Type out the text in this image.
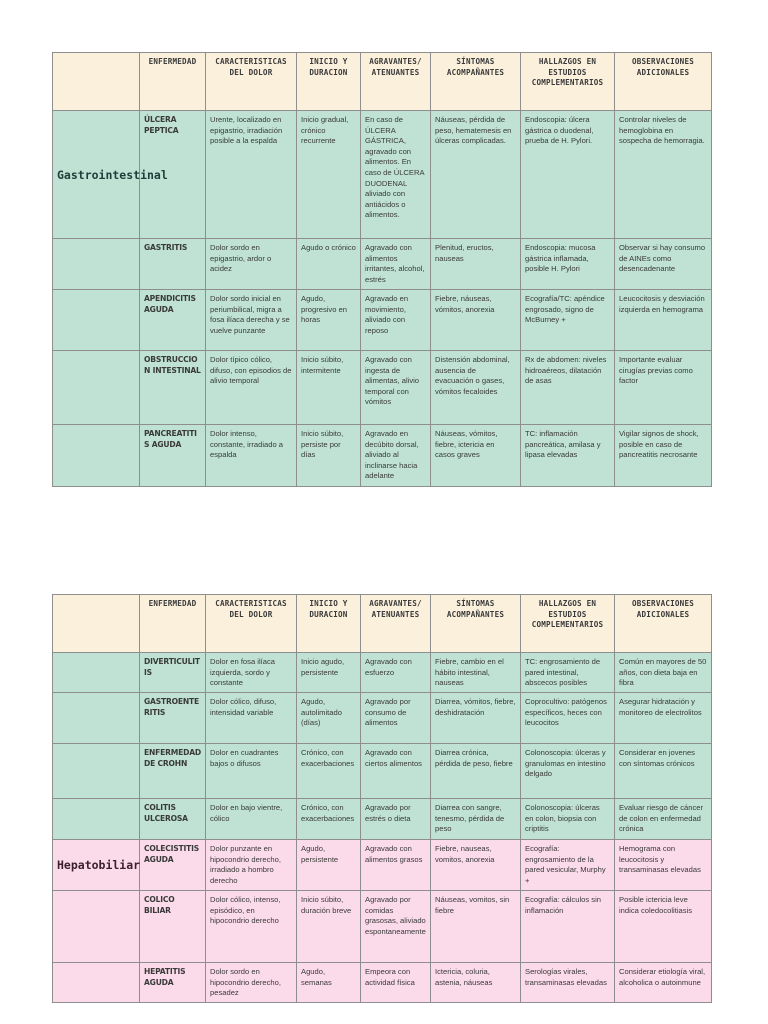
	ENFERMEDAD	CARACTERISTICAS DEL DOLOR	INICIO Y DURACION	AGRAVANTES/ ATENUANTES	SÍNTOMAS ACOMPAÑANTES	HALLAZGOS EN ESTUDIOS COMPLEMENTARIOS	OBSERVACIONES ADICIONALES
Gastrointestinal	ÚLCERA PEPTICA	Urente, localizado en epigastrio, irradiación posible a la espalda	Inicio gradual, crónico recurrente	En caso de ÚLCERA GÁSTRICA, agravado con alimentos. En caso de ÚLCERA DUODENAL aliviado con antiácidos o alimentos.	Náuseas, pérdida de peso, hematemesis en úlceras complicadas.	Endoscopia: úlcera gástrica o duodenal, prueba de H. Pylori.	Controlar niveles de hemoglobina en sospecha de hemorragia.
	GASTRITIS	Dolor sordo en epigastrio, ardor o acidez	Agudo o crónico	Agravado con alimentos irritantes, alcohol, estrés	Plenitud, eructos, nauseas	Endoscopia: mucosa gástrica inflamada, posible H. Pylori	Observar si hay consumo de AINEs como desencadenante
	APENDICITIS AGUDA	Dolor sordo inicial en periumbilical, migra a fosa ilíaca derecha y se vuelve punzante	Agudo, progresivo en horas	Agravado en movimiento, aliviado con reposo	Fiebre, náuseas, vómitos, anorexia	Ecografía/TC: apéndice engrosado, signo de McBurney +	Leucocitosis y desviación izquierda en hemograma
	OBSTRUCCION INTESTINAL	Dolor típico cólico, difuso, con episodios de alivio temporal	Inicio súbito, intermitente	Agravado con ingesta de alimentas, alivio temporal con vómitos	Distensión abdominal, ausencia de evacuación o gases, vómitos fecaloides	Rx de abdomen: niveles hidroaéreos, dilatación de asas	Importante evaluar cirugías previas como factor
	PANCREATITIS AGUDA	Dolor intenso, constante, irradiado a espalda	Inicio súbito, persiste por días	Agravado en decúbito dorsal, aliviado al inclinarse hacia adelante	Náuseas, vómitos, fiebre, ictericia en casos graves	TC: inflamación pancreática, amilasa y lipasa elevadas	Vigilar signos de shock, posible en caso de pancreatitis necrosante
	ENFERMEDAD	CARACTERISTICAS DEL DOLOR	INICIO Y DURACION	AGRAVANTES/ ATENUANTES	SÍNTOMAS ACOMPAÑANTES	HALLAZGOS EN ESTUDIOS COMPLEMENTARIOS	OBSERVACIONES ADICIONALES
	DIVERTICULITIS	Dolor en fosa ilíaca izquierda, sordo y constante	Inicio agudo, persistente	Agravado con esfuerzo	Fiebre, cambio en el hábito intestinal, nauseas	TC: engrosamiento de pared intestinal, abscecos posibles	Común en mayores de 50 años, con dieta baja en fibra
	GASTROENTERITIS	Dolor cólico, difuso, intensidad variable	Agudo, autolimitado (días)	Agravado por consumo de alimentos	Diarrea, vómitos, fiebre, deshidratación	Coprocultivo: patógenos específicos, heces con leucocitos	Asegurar hidratación y monitoreo de electrolitos
	ENFERMEDAD DE CROHN	Dolor en cuadrantes bajos o difusos	Crónico, con exacerbaciones	Agravado con ciertos alimentos	Diarrea crónica, pérdida de peso, fiebre	Colonoscopia: úlceras y granulomas en intestino delgado	Considerar en jovenes con síntomas crónicos
	COLITIS ULCEROSA	Dolor en bajo vientre, cólico	Crónico, con exacerbaciones	Agravado por estrés o dieta	Diarrea con sangre, tenesmo, pérdida de peso	Colonoscopia: úlceras en colon, biopsia con criptitis	Evaluar riesgo de cáncer de colon en enfermedad crónica
Hepatobiliar	COLECISTITIS AGUDA	Dolor punzante en hipocondrio derecho, irradiado a hombro derecho	Agudo, persistente	Agravado con alimentos grasos	Fiebre, nauseas, vomitos, anorexia	Ecografía: engrosamiento de la pared vesicular, Murphy +	Hemograma con leucocitosis y transaminasas elevadas
	COLICO BILIAR	Dolor cólico, intenso, episódico, en hipocondrio derecho	Inicio súbito, duración breve	Agravado por comidas grasosas, aliviado espontaneamente	Náuseas, vomitos, sin fiebre	Ecografía: cálculos sin inflamación	Posible ictericia leve indica coledocolitiasis
	HEPATITIS AGUDA	Dolor sordo en hipocondrio derecho, pesadez	Agudo, semanas	Empeora con actividad física	Ictericia, coluria, astenia, náuseas	Serologías virales, transaminasas elevadas	Considerar etiología viral, alcoholica o autoinmune
